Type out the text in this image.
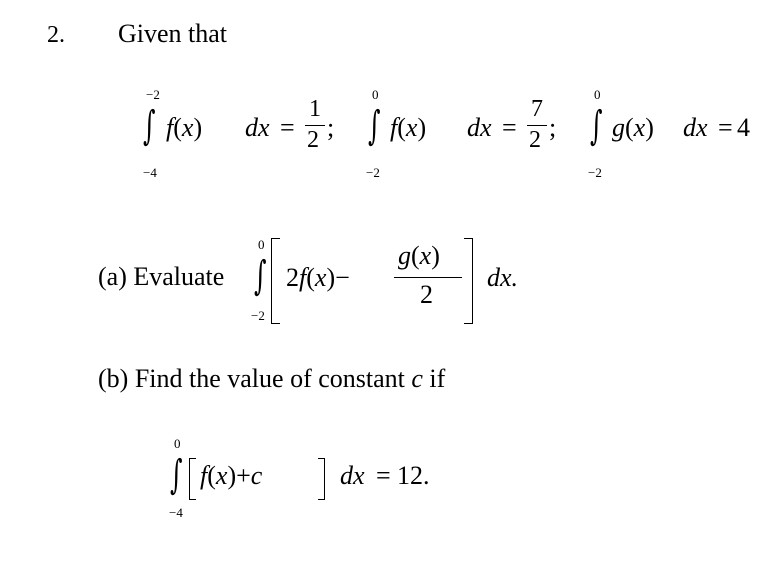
2. Given that
−2
∫
−4
f(x) dx =
1
2 ;
0
∫
−2
f(x) dx =
7
2 ;
0
∫
−2
g(x) dx = 4
(a) Evaluate
0
∫
−2
2f(x)−
g(x)
2
dx.
(b) Find the value of constant c if
0
∫
−4
f(x)+c	dx = 12.
